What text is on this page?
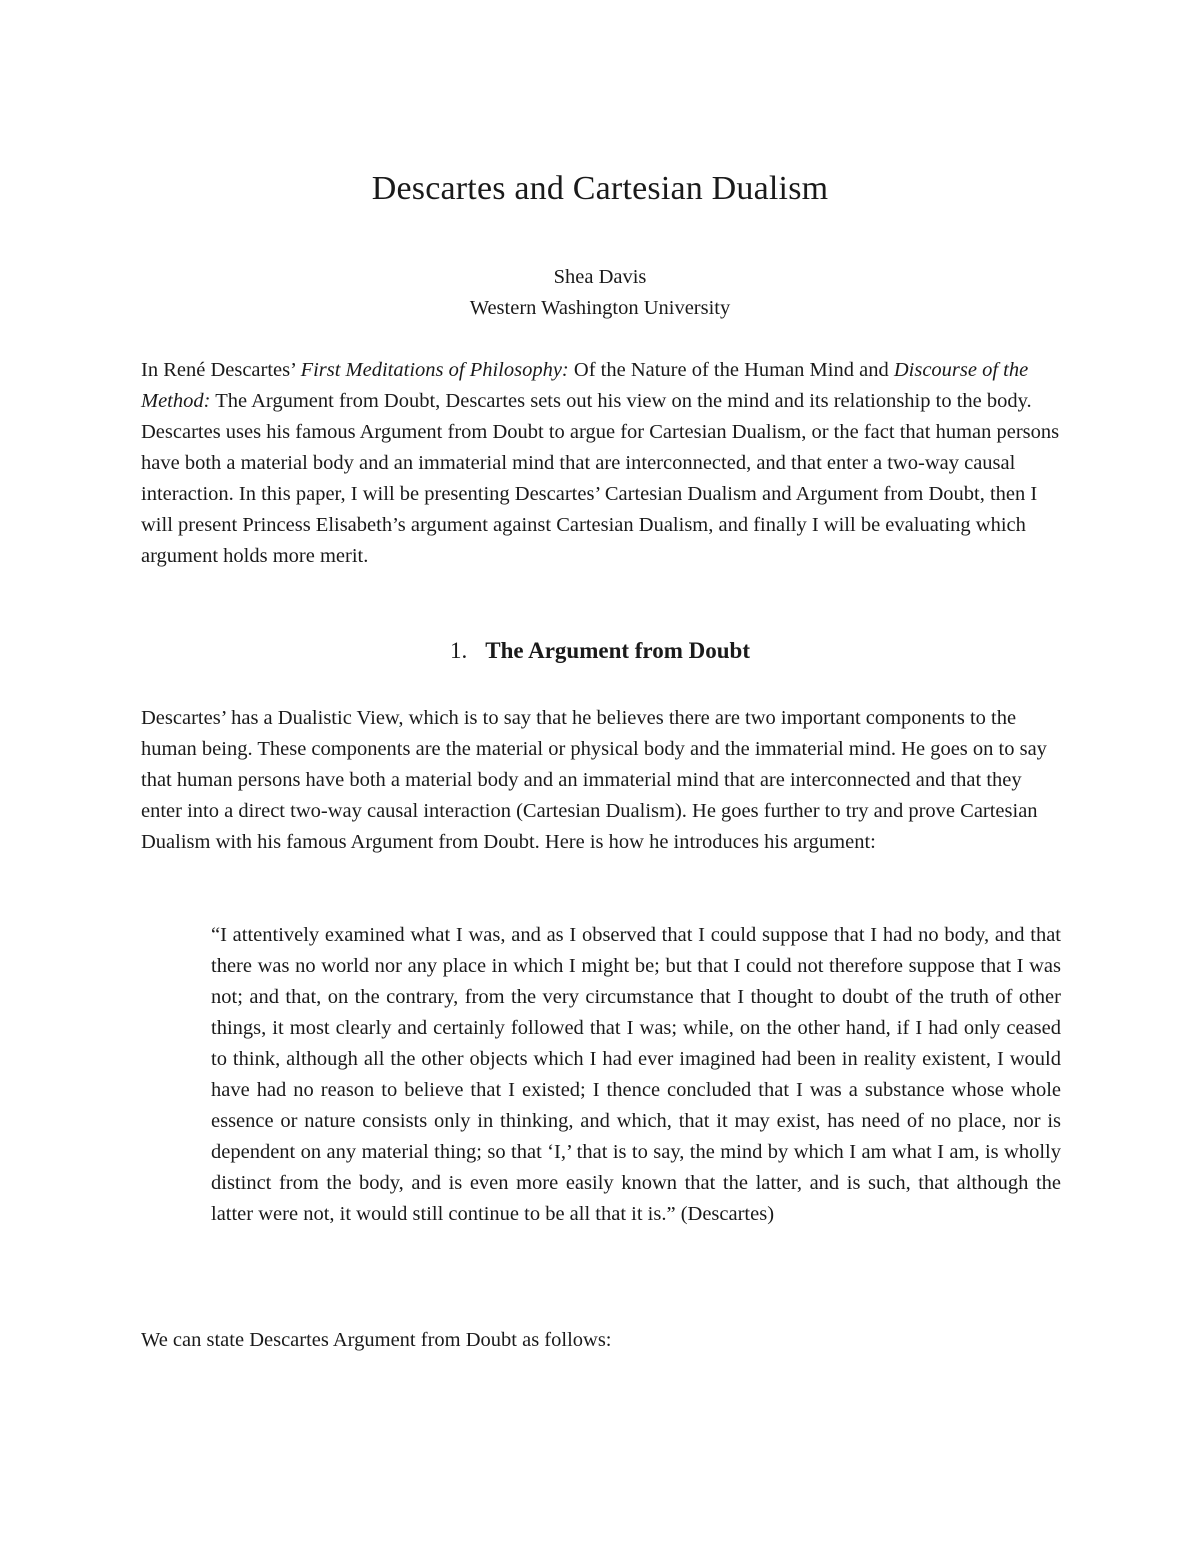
Descartes and Cartesian Dualism
Shea Davis
Western Washington University

In René Descartes’ First Meditations of Philosophy: Of the Nature of the Human Mind and Discourse of the Method: The Argument from Doubt, Descartes sets out his view on the mind and its relationship to the body. Descartes uses his famous Argument from Doubt to argue for Cartesian Dualism, or the fact that human persons have both a material body and an immaterial mind that are interconnected, and that enter a two-way causal interaction. In this paper, I will be presenting Descartes’ Cartesian Dualism and Argument from Doubt, then I will present Princess Elisabeth’s argument against Cartesian Dualism, and finally I will be evaluating which argument holds more merit.

1. The Argument from Doubt

Descartes’ has a Dualistic View, which is to say that he believes there are two important components to the human being. These components are the material or physical body and the immaterial mind. He goes on to say that human persons have both a material body and an immaterial mind that are interconnected and that they enter into a direct two-way causal interaction (Cartesian Dualism). He goes further to try and prove Cartesian Dualism with his famous Argument from Doubt. Here is how he introduces his argument:

“I attentively examined what I was, and as I observed that I could suppose that I had no body, and that there was no world nor any place in which I might be; but that I could not therefore suppose that I was not; and that, on the contrary, from the very circumstance that I thought to doubt of the truth of other things, it most clearly and certainly followed that I was; while, on the other hand, if I had only ceased to think, although all the other objects which I had ever imagined had been in reality existent, I would have had no reason to believe that I existed; I thence concluded that I was a substance whose whole essence or nature consists only in thinking, and which, that it may exist, has need of no place, nor is dependent on any material thing; so that ‘I,’ that is to say, the mind by which I am what I am, is wholly distinct from the body, and is even more easily known that the latter, and is such, that although the latter were not, it would still continue to be all that it is.” (Descartes)

We can state Descartes Argument from Doubt as follows:
